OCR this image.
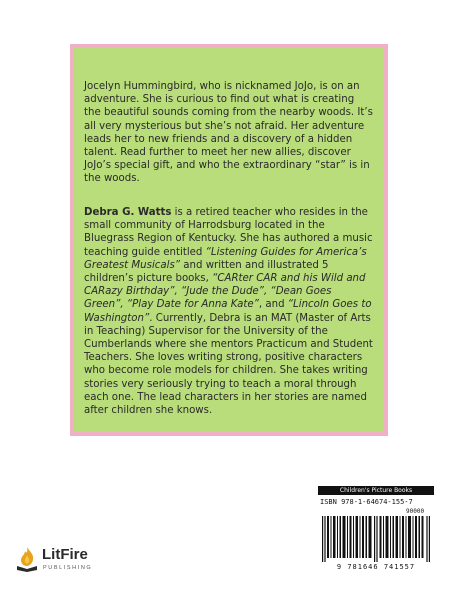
Jocelyn Hummingbird, who is nicknamed JoJo, is on an adventure. She is curious to find out what is creating the beautiful sounds coming from the nearby woods. It’s all very mysterious but she’s not afraid. Her adventure leads her to new friends and a discovery of a hidden talent. Read further to meet her new allies, discover JoJo’s special gift, and who the extraordinary “star” is in the woods.

Debra G. Watts is a retired teacher who resides in the small community of Harrodsburg located in the Bluegrass Region of Kentucky. She has authored a music teaching guide entitled “Listening Guides for America’s Greatest Musicals” and written and illustrated 5 children’s picture books, “CARter CAR and his Wild and CARazy Birthday”, “Jude the Dude”, “Dean Goes Green”, “Play Date for Anna Kate”, and “Lincoln Goes to Washington”. Currently, Debra is an MAT (Master of Arts in Teaching) Supervisor for the University of the Cumberlands where she mentors Practicum and Student Teachers. She loves writing strong, positive characters who become role models for children. She takes writing stories very seriously trying to teach a moral through each one. The lead characters in her stories are named after children she knows.

Children's Picture Books
ISBN 978-1-64674-155-7
90000
9 781646 741557
LitFire
PUBLISHING
